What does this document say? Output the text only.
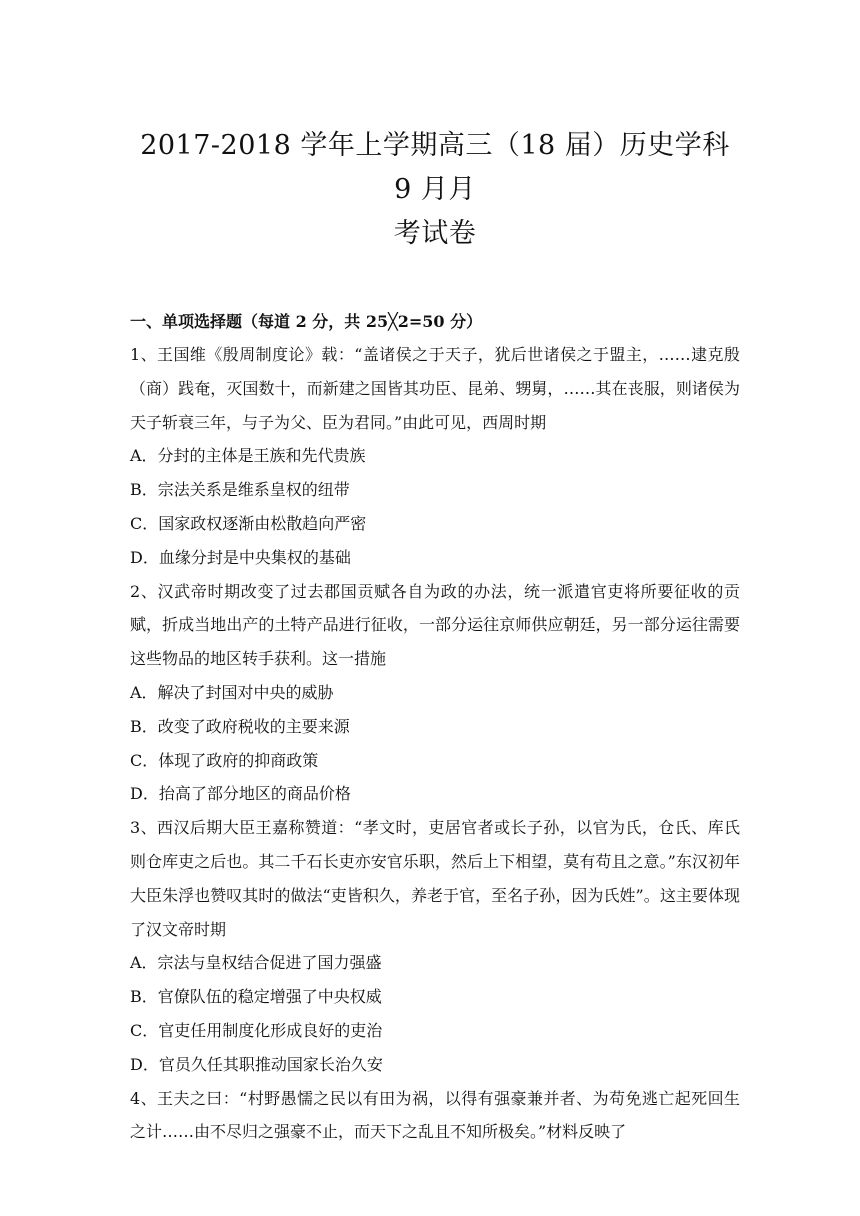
2017-2018 学年上学期高三（18 届）历史学科 9 月月
考试卷
一、单项选择题（每道 2 分，共 25╳2=50 分）

1、王国维《殷周制度论》载：“盖诸侯之于天子，犹后世诸侯之于盟主，……逮克殷（商）践奄，灭国数十，而新建之国皆其功臣、昆弟、甥舅，……其在丧服，则诸侯为天子斩衰三年，与子为父、臣为君同。”由此可见，西周时期

A．分封的主体是王族和先代贵族

B．宗法关系是维系皇权的纽带

C．国家政权逐渐由松散趋向严密

D．血缘分封是中央集权的基础

2、汉武帝时期改变了过去郡国贡赋各自为政的办法，统一派遣官吏将所要征收的贡赋，折成当地出产的土特产品进行征收，一部分运往京师供应朝廷，另一部分运往需要这些物品的地区转手获利。这一措施

A．解决了封国对中央的威胁

B．改变了政府税收的主要来源

C．体现了政府的抑商政策

D．抬高了部分地区的商品价格

3、西汉后期大臣王嘉称赞道：“孝文时，吏居官者或长子孙，以官为氏，仓氏、库氏则仓库吏之后也。其二千石长吏亦安官乐职，然后上下相望，莫有苟且之意。”东汉初年大臣朱浮也赞叹其时的做法“吏皆积久，养老于官，至名子孙，因为氏姓”。这主要体现了汉文帝时期

A．宗法与皇权结合促进了国力强盛

B．官僚队伍的稳定增强了中央权威

C．官吏任用制度化形成良好的吏治

D．官员久任其职推动国家长治久安

4、王夫之曰：“村野愚懦之民以有田为祸，以得有强豪兼并者、为苟免逃亡起死回生之计……由不尽归之强豪不止，而天下之乱且不知所极矣。”材料反映了
